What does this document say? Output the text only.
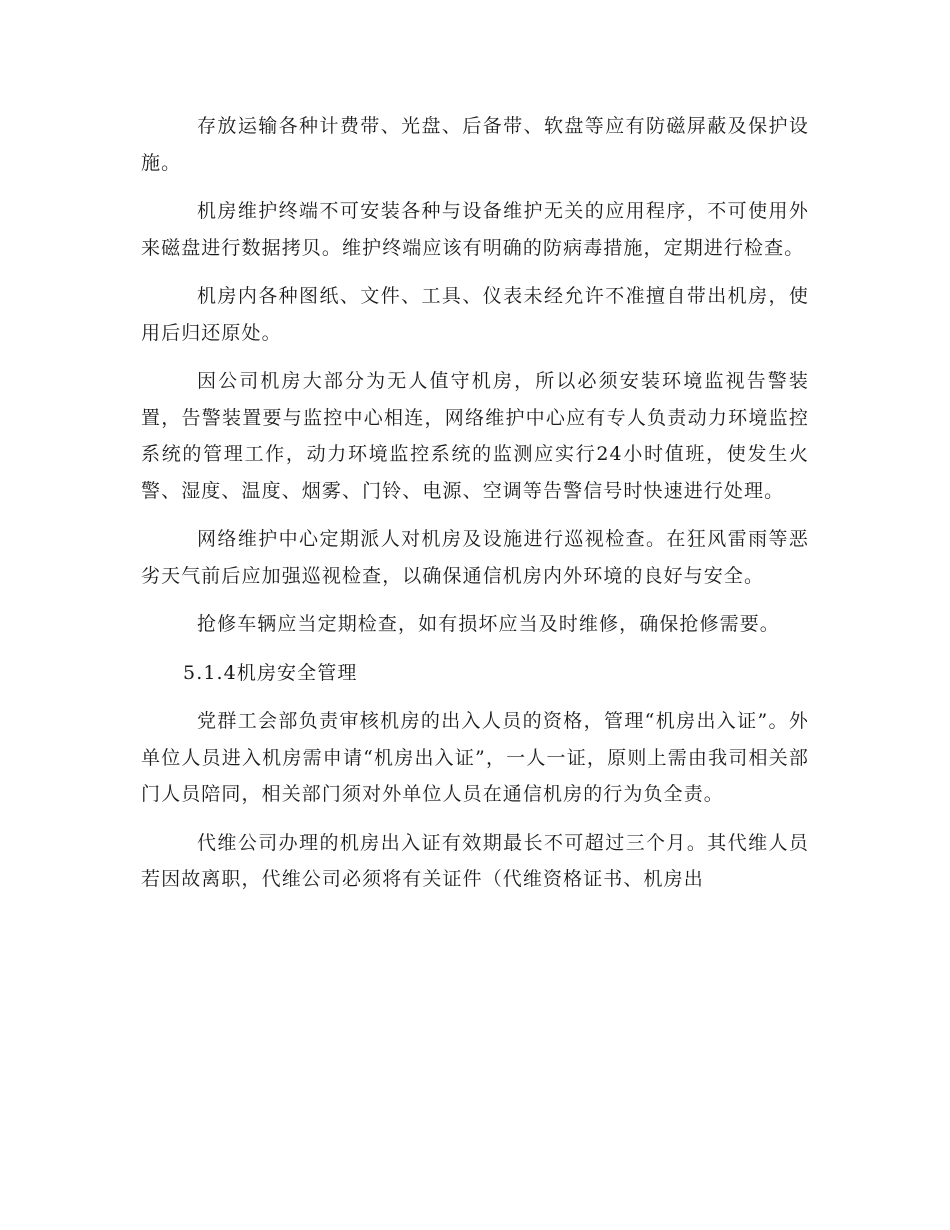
存放运输各种计费带、光盘、后备带、软盘等应有防磁屏蔽及保护设施。

机房维护终端不可安装各种与设备维护无关的应用程序，不可使用外来磁盘进行数据拷贝。维护终端应该有明确的防病毒措施，定期进行检查。

机房内各种图纸、文件、工具、仪表未经允许不准擅自带出机房，使用后归还原处。

因公司机房大部分为无人值守机房，所以必须安装环境监视告警装置，告警装置要与监控中心相连，网络维护中心应有专人负责动力环境监控系统的管理工作，动力环境监控系统的监测应实行24小时值班，使发生火警、湿度、温度、烟雾、门铃、电源、空调等告警信号时快速进行处理。

网络维护中心定期派人对机房及设施进行巡视检查。在狂风雷雨等恶劣天气前后应加强巡视检查，以确保通信机房内外环境的良好与安全。

抢修车辆应当定期检查，如有损坏应当及时维修，确保抢修需要。

5.1.4机房安全管理

党群工会部负责审核机房的出入人员的资格，管理“机房出入证”。外单位人员进入机房需申请“机房出入证”，一人一证，原则上需由我司相关部门人员陪同，相关部门须对外单位人员在通信机房的行为负全责。

代维公司办理的机房出入证有效期最长不可超过三个月。其代维人员若因故离职，代维公司必须将有关证件（代维资格证书、机房出
